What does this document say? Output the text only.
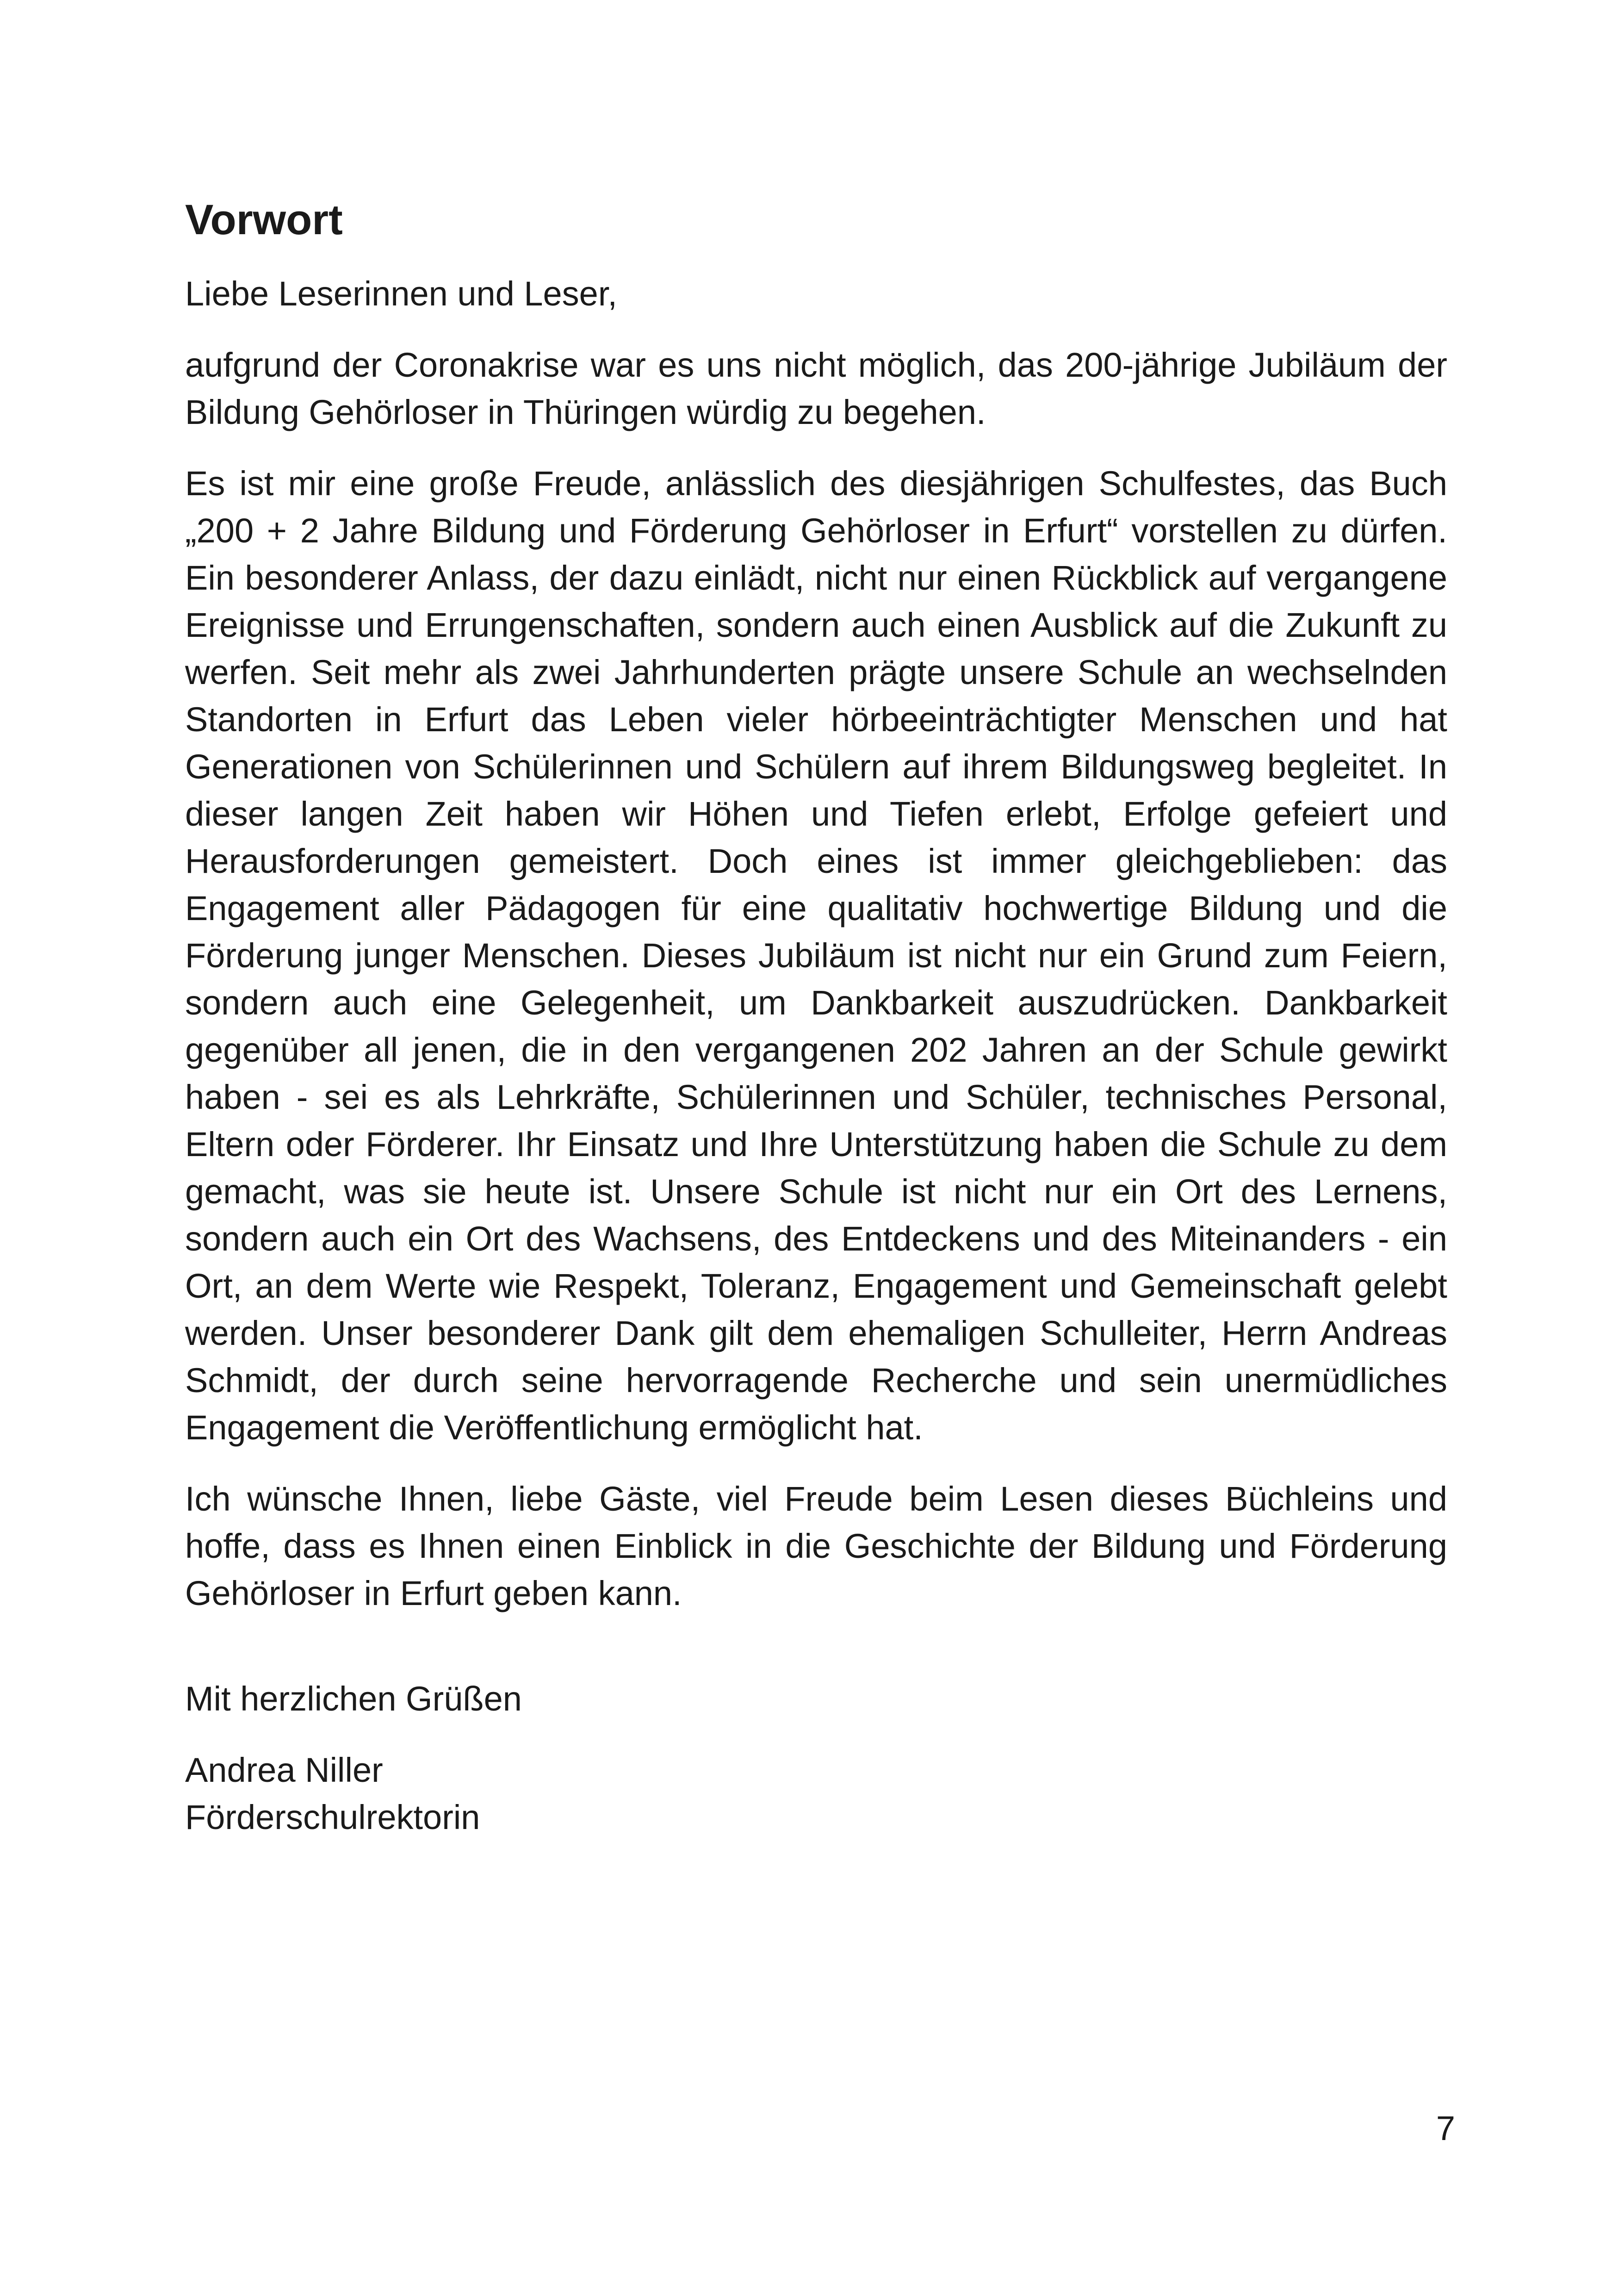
Vorwort

Liebe Leserinnen und Leser,

aufgrund der Coronakrise war es uns nicht möglich, das 200-jährige Jubiläum der Bildung Gehörloser in Thüringen würdig zu begehen.

Es ist mir eine große Freude, anlässlich des diesjährigen Schulfestes, das Buch „200 + 2 Jahre Bildung und Förderung Gehörloser in Erfurt“ vorstellen zu dürfen. Ein besonderer Anlass, der dazu einlädt, nicht nur einen Rückblick auf vergangene Ereignisse und Errungenschaften, sondern auch einen Ausblick auf die Zukunft zu werfen. Seit mehr als zwei Jahrhunderten prägte unsere Schule an wechselnden Standorten in Erfurt das Leben vieler hörbeeinträchtigter Menschen und hat Generationen von Schülerinnen und Schülern auf ihrem Bildungsweg begleitet. In dieser langen Zeit haben wir Höhen und Tiefen erlebt, Erfolge gefeiert und Herausforderungen gemeistert. Doch eines ist immer gleichgeblieben: das Engagement aller Pädagogen für eine qualitativ hochwertige Bildung und die Förderung junger Menschen. Dieses Jubiläum ist nicht nur ein Grund zum Feiern, sondern auch eine Gelegenheit, um Dankbarkeit auszudrücken. Dankbarkeit gegenüber all jenen, die in den vergangenen 202 Jahren an der Schule gewirkt haben - sei es als Lehrkräfte, Schülerinnen und Schüler, technisches Personal, Eltern oder Förderer. Ihr Einsatz und Ihre Unterstützung haben die Schule zu dem gemacht, was sie heute ist. Unsere Schule ist nicht nur ein Ort des Lernens, sondern auch ein Ort des Wachsens, des Entdeckens und des Miteinanders - ein Ort, an dem Werte wie Respekt, Toleranz, Engagement und Gemeinschaft gelebt werden. Unser besonderer Dank gilt dem ehemaligen Schulleiter, Herrn Andreas Schmidt, der durch seine hervorragende Recherche und sein unermüdliches Engagement die Veröffentlichung ermöglicht hat.

Ich wünsche Ihnen, liebe Gäste, viel Freude beim Lesen dieses Büchleins und hoffe, dass es Ihnen einen Einblick in die Geschichte der Bildung und Förderung Gehörloser in Erfurt geben kann.

Mit herzlichen Grüßen

Andrea Niller

Förderschulrektorin

7
